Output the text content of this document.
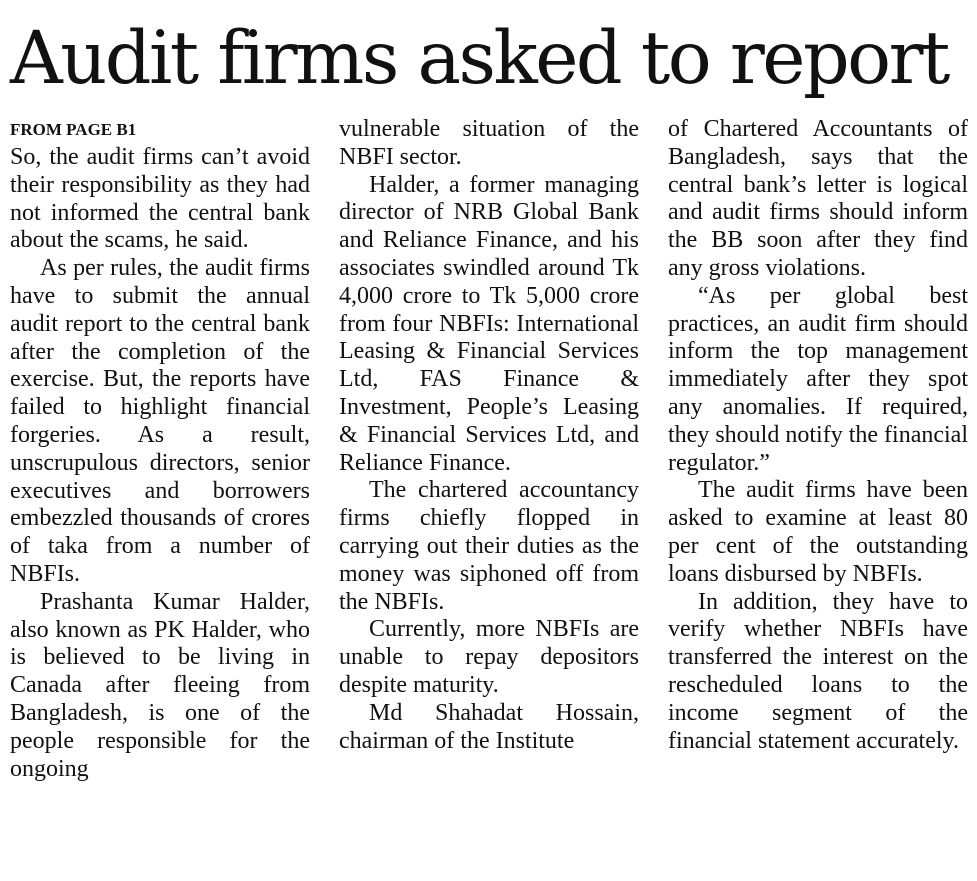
Audit firms asked to report
FROM PAGE B1

So, the audit firms can’t avoid their responsibility as they had not informed the central bank about the scams, he said.

As per rules, the audit firms have to submit the annual audit report to the central bank after the completion of the exercise. But, the reports have failed to highlight financial forgeries. As a result, unscrupulous directors, senior executives and borrowers embezzled thousands of crores of taka from a number of NBFIs.

Prashanta Kumar Halder, also known as PK Halder, who is believed to be living in Canada after fleeing from Bangladesh, is one of the people responsible for the ongoing

vulnerable situation of the NBFI sector.

Halder, a former managing director of NRB Global Bank and Reliance Finance, and his associates swindled around Tk 4,000 crore to Tk 5,000 crore from four NBFIs: International Leasing & Financial Services Ltd, FAS Finance & Investment, People’s Leasing & Financial Services Ltd, and Reliance Finance.

The chartered accountancy firms chiefly flopped in carrying out their duties as the money was siphoned off from the NBFIs.

Currently, more NBFIs are unable to repay depositors despite maturity.

Md Shahadat Hossain, chairman of the Institute

of Chartered Accountants of Bangladesh, says that the central bank’s letter is logical and audit firms should inform the BB soon after they find any gross violations.

“As per global best practices, an audit firm should inform the top management immediately after they spot any anomalies. If required, they should notify the financial regulator.”

The audit firms have been asked to examine at least 80 per cent of the outstanding loans disbursed by NBFIs.

In addition, they have to verify whether NBFIs have transferred the interest on the rescheduled loans to the income segment of the financial statement accurately.
